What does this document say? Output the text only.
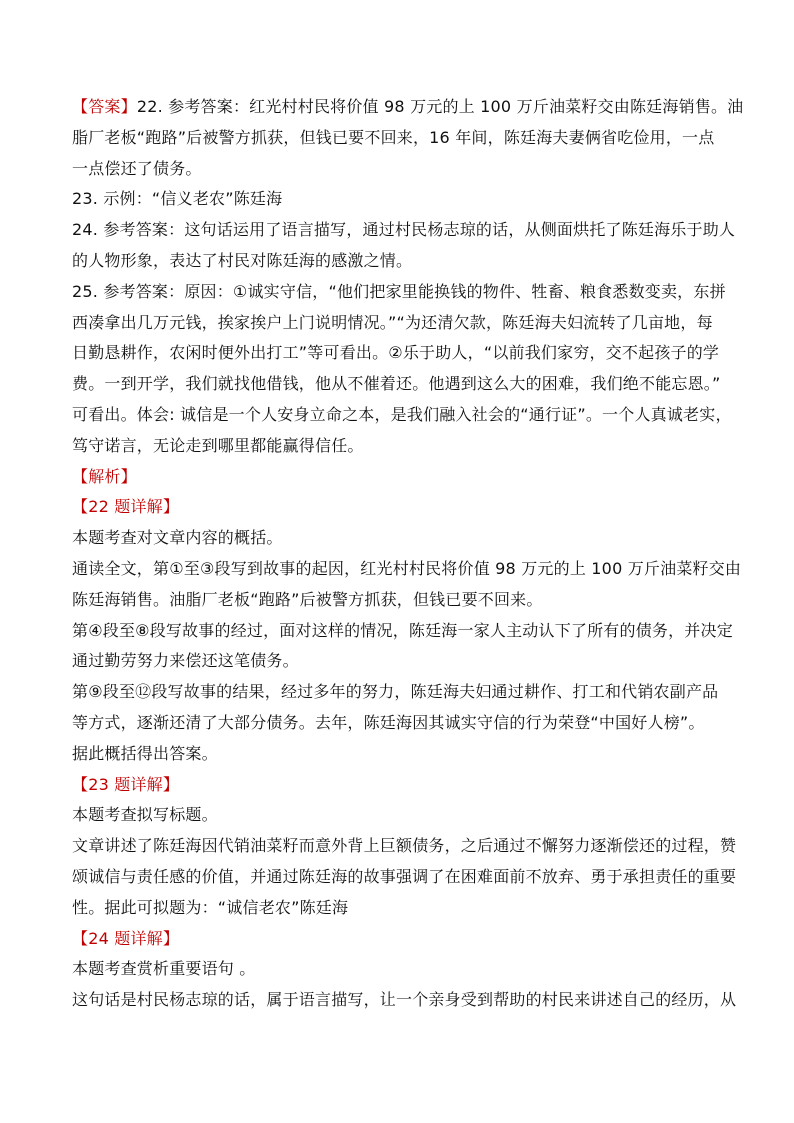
【答案】22. 参考答案：红光村村民将价值 98 万元的上 100 万斤油菜籽交由陈廷海销售。油
脂厂老板“跑路”后被警方抓获，但钱已要不回来，16 年间，陈廷海夫妻俩省吃俭用，一点
一点偿还了债务。
23. 示例：“信义老农”陈廷海
24. 参考答案：这句话运用了语言描写，通过村民杨志琼的话，从侧面烘托了陈廷海乐于助人
的人物形象，表达了村民对陈廷海的感激之情。
25. 参考答案：原因：①诚实守信，“他们把家里能换钱的物件、牲畜、粮食悉数变卖，东拼
西凑拿出几万元钱，挨家挨户上门说明情况。”“为还清欠款，陈廷海夫妇流转了几亩地，每
日勤恳耕作，农闲时便外出打工”等可看出。②乐于助人，“以前我们家穷，交不起孩子的学
费。一到开学，我们就找他借钱，他从不催着还。他遇到这么大的困难，我们绝不能忘恩。”
可看出。体会: 诚信是一个人安身立命之本，是我们融入社会的“通行证”。一个人真诚老实，
笃守诺言，无论走到哪里都能赢得信任。
【解析】
【22 题详解】
本题考查对文章内容的概括。
通读全文，第①至③段写到故事的起因，红光村村民将价值 98 万元的上 100 万斤油菜籽交由
陈廷海销售。油脂厂老板“跑路”后被警方抓获，但钱已要不回来。
第④段至⑧段写故事的经过，面对这样的情况，陈廷海一家人主动认下了所有的债务，并决定
通过勤劳努力来偿还这笔债务。
第⑨段至⑫段写故事的结果，经过多年的努力，陈廷海夫妇通过耕作、打工和代销农副产品
等方式，逐渐还清了大部分债务。去年，陈廷海因其诚实守信的行为荣登“中国好人榜”。
据此概括得出答案。
【23 题详解】
本题考查拟写标题。
文章讲述了陈廷海因代销油菜籽而意外背上巨额债务，之后通过不懈努力逐渐偿还的过程，赞
颂诚信与责任感的价值，并通过陈廷海的故事强调了在困难面前不放弃、勇于承担责任的重要
性。据此可拟题为：“诚信老农”陈廷海
【24 题详解】
本题考查赏析重要语句 。
这句话是村民杨志琼的话，属于语言描写，让一个亲身受到帮助的村民来讲述自己的经历，从
